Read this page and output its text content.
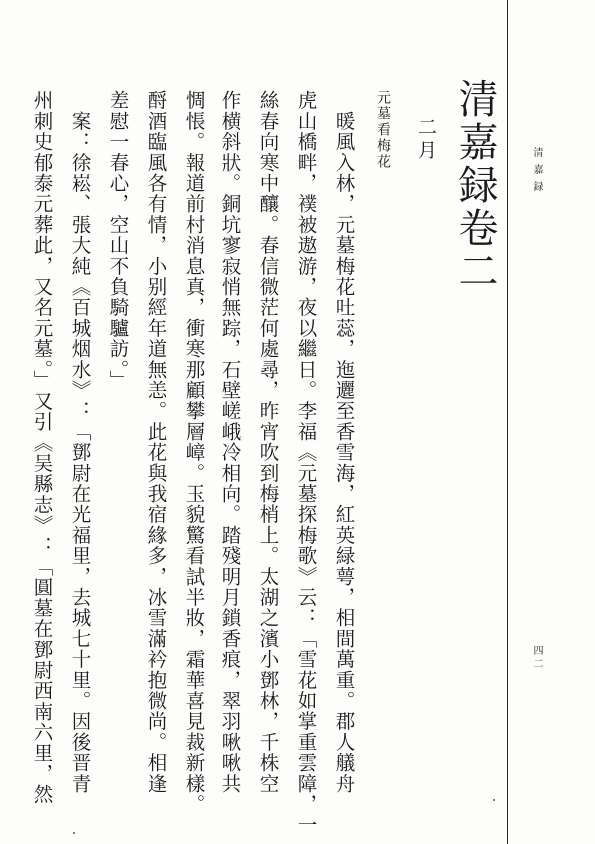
清嘉録
四二
清嘉録卷二
二月
元墓看梅花
　暖風入林，元墓梅花吐蕊，迤邐至香雪海，紅英緑萼，相間萬重。郡人艤舟
虎山橋畔，襆被遨游，夜以繼日。李福《元墓探梅歌》云：「雪花如掌重雲障，一
絲春向寒中釀。春信微茫何處尋，昨宵吹到梅梢上。太湖之濱小鄧林，千株空
作横斜狀。銅坑寥寂悄無踪，石壁嵯峨冷相向。踏殘明月鎖香痕，翠羽啾啾共
惆悵。報道前村消息真，衝寒那顧攀層嶂。玉貌驚看試半妝，霜華喜見裁新樣。
酹酒臨風各有情，小别經年道無恙。此花與我宿緣多，冰雪滿衿抱微尚。相逢
差慰一春心，空山不負騎驢訪。」
　案：徐崧、張大純《百城烟水》：「鄧尉在光福里，去城七十里。因後晋青
州刺史郁泰元葬此，又名元墓。」又引《吴縣志》：「圓墓在鄧尉西南六里，然
